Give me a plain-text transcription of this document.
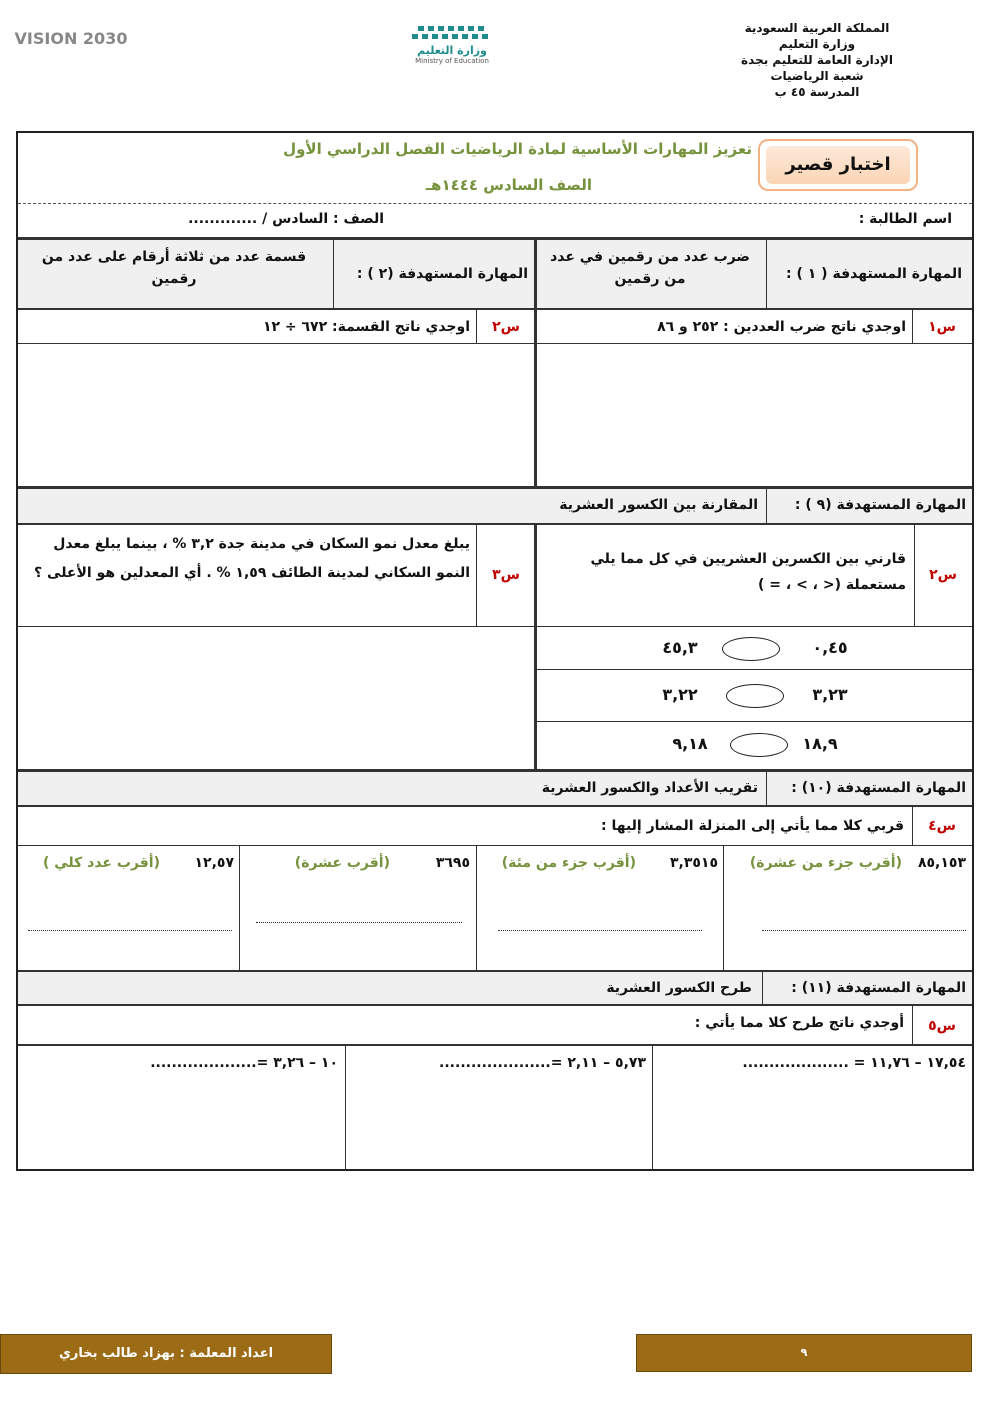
المملكة العربية السعودية
وزارة التعليم
الإدارة العامة للتعليم بجدة
شعبة الرياضيات
المدرسة ٤٥ ب
وزارة التعليم
Ministry of Education
VISION 2030
تعزيز المهارات الأساسية لمادة الرياضيات الفصل الدراسي الأول
الصف السادس ١٤٤٤هـ
اختبار قصير
اسم الطالبة :
الصف : السادس / .............
المهارة المستهدفة ( ١ ) :
ضرب عدد من رقمين في عدد من رقمين
المهارة المستهدفة (٢ ) :
قسمة عدد من ثلاثة أرقام على عدد من رقمين
س١
اوجدي ناتج ضرب العددين : ٢٥٢ و ٨٦
س٢
اوجدي ناتج القسمة: ٦٧٢ ÷ ١٢
المهارة المستهدفة (٩ ) :
المقارنة بين الكسور العشرية
س٢
قارني بين الكسرين العشريين في كل مما يلي مستعملة (< ، > ، = )
س٣
يبلغ معدل نمو السكان في مدينة جدة ٣,٢ % ، بينما يبلغ معدل النمو السكاني لمدينة الطائف ١,٥٩ % . أي المعدلين هو الأعلى ؟
٠,٤٥
٤٥,٣
٣,٢٣
٣,٢٢
١٨,٩
٩,١٨
المهارة المستهدفة (١٠) :
تقريب الأعداد والكسور العشرية
س٤
قربي كلا مما يأتي إلى المنزلة المشار إليها :
٨٥,١٥٣
(أقرب جزء من عشرة)
٣,٣٥١٥
(أقرب جزء من مئة)
٣٦٩٥
(أقرب عشرة)
١٢,٥٧
(أقرب عدد كلي )
المهارة المستهدفة (١١) :
طرح الكسور العشرية
س٥
أوجدي ناتج طرح كلا مما يأتي :
١٧,٥٤ – ١١,٧٦ = ....................
٥,٧٣ – ٢,١١ =.....................
١٠ – ٣,٢٦ =....................
اعداد المعلمة : بهزاد طالب بخاري	٩
